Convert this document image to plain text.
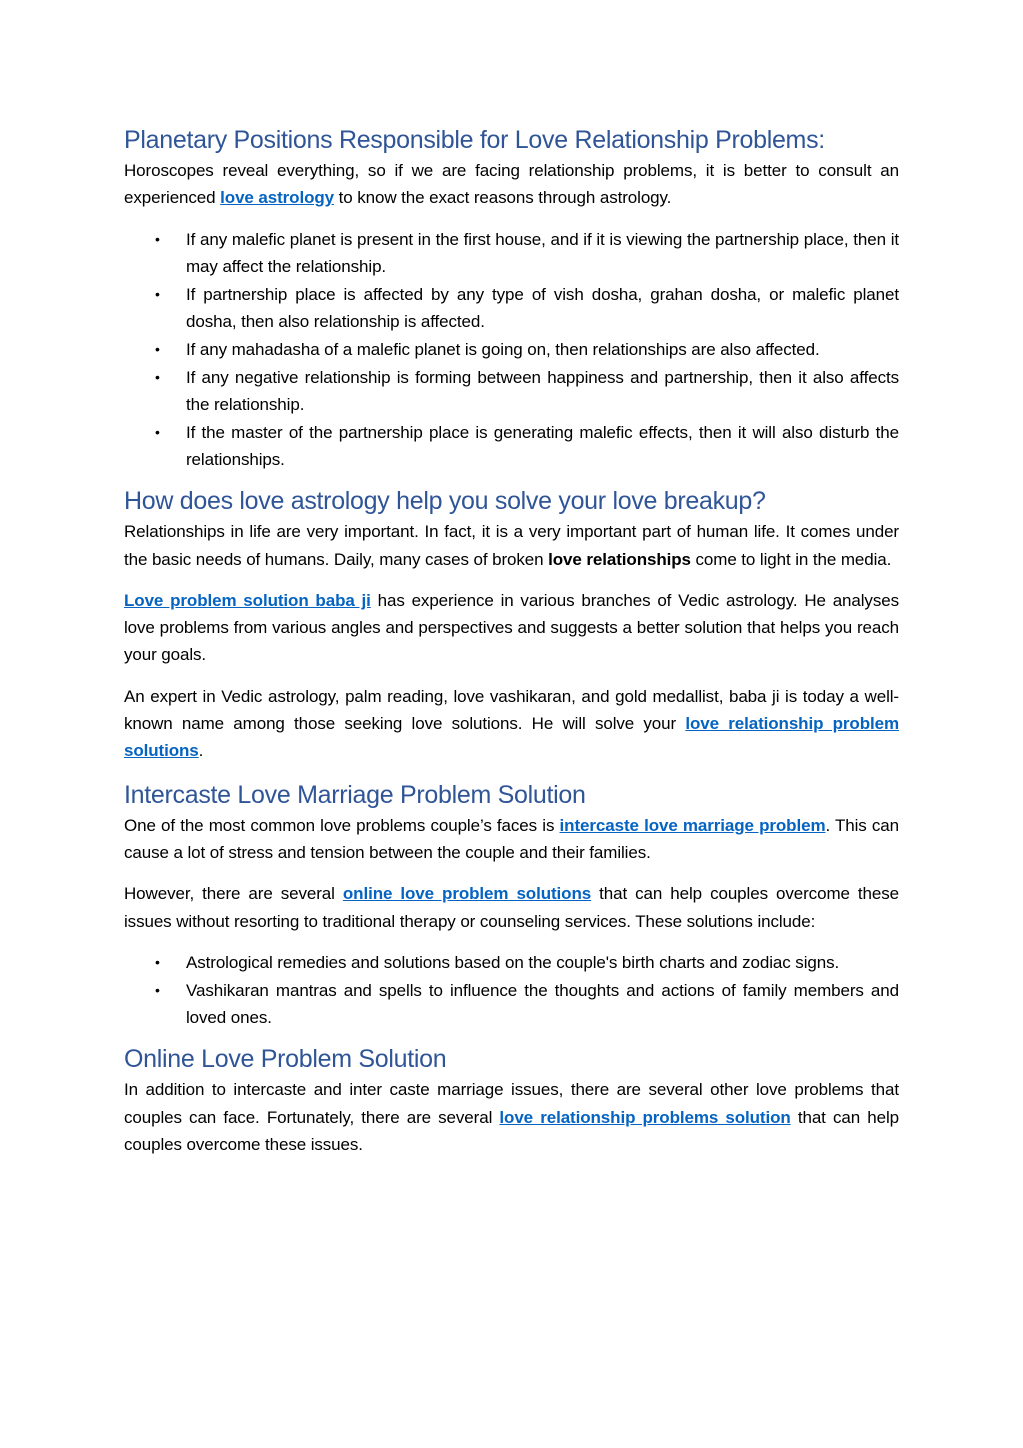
Planetary Positions Responsible for Love Relationship Problems:

Horoscopes reveal everything, so if we are facing relationship problems, it is better to consult an experienced love astrology to know the exact reasons through astrology.

• If any malefic planet is present in the first house, and if it is viewing the partnership place, then it may affect the relationship.
• If partnership place is affected by any type of vish dosha, grahan dosha, or malefic planet dosha, then also relationship is affected.
• If any mahadasha of a malefic planet is going on, then relationships are also affected.
• If any negative relationship is forming between happiness and partnership, then it also affects the relationship.
• If the master of the partnership place is generating malefic effects, then it will also disturb the relationships.
How does love astrology help you solve your love breakup?

Relationships in life are very important. In fact, it is a very important part of human life. It comes under the basic needs of humans. Daily, many cases of broken love relationships come to light in the media.

Love problem solution baba ji has experience in various branches of Vedic astrology. He analyses love problems from various angles and perspectives and suggests a better solution that helps you reach your goals.

An expert in Vedic astrology, palm reading, love vashikaran, and gold medallist, baba ji is today a well-known name among those seeking love solutions. He will solve your love relationship problem solutions.

Intercaste Love Marriage Problem Solution

One of the most common love problems couple’s faces is intercaste love marriage problem. This can cause a lot of stress and tension between the couple and their families.

However, there are several online love problem solutions that can help couples overcome these issues without resorting to traditional therapy or counseling services. These solutions include:

• Astrological remedies and solutions based on the couple's birth charts and zodiac signs.
• Vashikaran mantras and spells to influence the thoughts and actions of family members and loved ones.
Online Love Problem Solution

In addition to intercaste and inter caste marriage issues, there are several other love problems that couples can face. Fortunately, there are several love relationship problems solution that can help couples overcome these issues.
